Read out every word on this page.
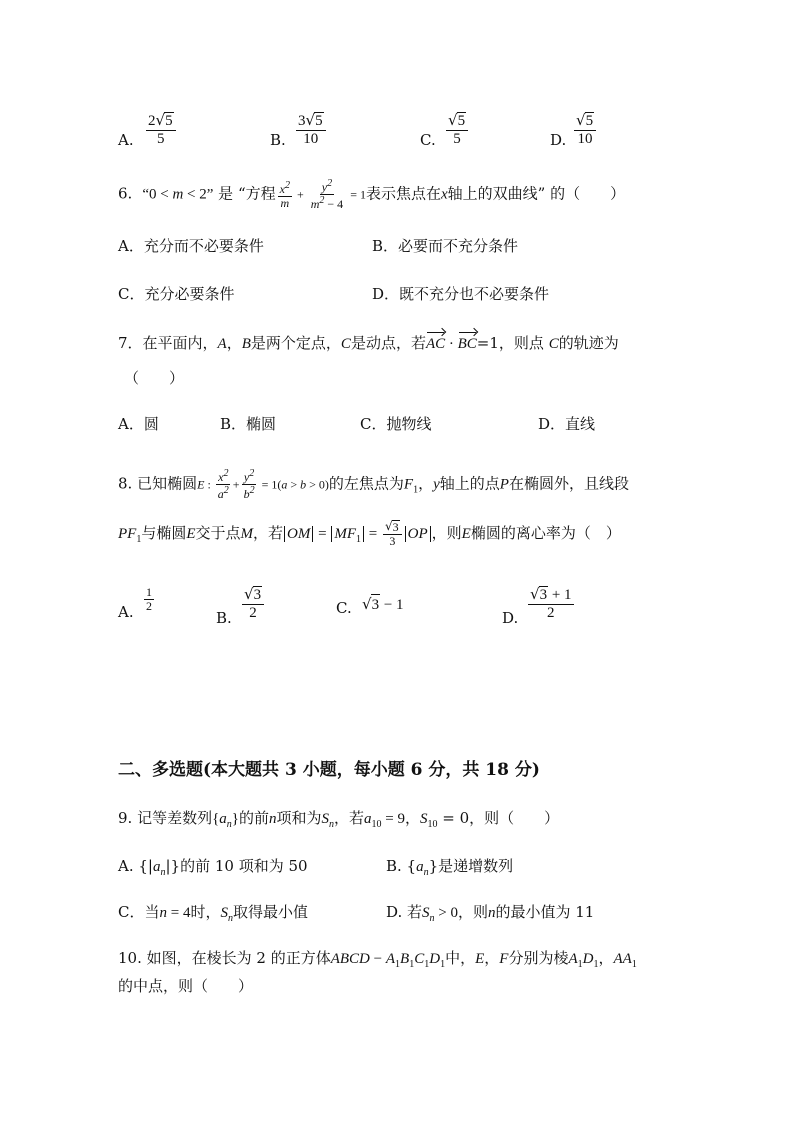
A. $\frac{2 √ 5}{5}$	B. $\frac{3 √ 5}{10}$	C. $\frac{√ 5}{5}$	D. $\frac{√ 5}{10}$
6. “0 < m < 2” 是 “方程 $\frac{x^2}{m} + \frac{y^2}{m^2 - 4} = 1$表示焦点在x轴上的双曲线” 的（　　）
A．充分而不必要条件	B．必要而不充分条件
C．充分必要条件	D．既不充分也不必要条件
7．在平面内，A，B是两个定点，C是动点，若AC · BC=1，则点 C的轨迹为
（　　）
A．圆	B．椭圆	C．抛物线	D．直线
8. 已知椭圆E : $\frac{x^2}{a^2} + \frac{y^2}{b^2} = 1(a > b > 0)$的左焦点为$F_1$，y轴上的点P在椭圆外，且线段
$PF_1$与椭圆E交于点M，若 OM = $MF_1 = \frac{√ 3}{3}$ OP ，则E椭圆的离心率为（　）
A. $\frac{1}{2}$
B. $\frac{√ 3}{2}$	C. √ 3 − 1
D. $\frac{√ 3 + 1}{2}$
二、多选题(本大题共 3 小题，每小题 6 分，共 18 分)
9. 记等差数列$\{a_n\}$的前n项和为$S_n$，若$a_{10} = 9$，$S_{10} = 0$，则（　　）
A. $\{|a_n|\}$的前 10 项和为 50	B. $\{a_n\}$是递增数列
C．当n = 4时，$S_n$取得最小值	D. 若$S_n > 0$，则n的最小值为 11
10. 如图，在棱长为 2 的正方体ABCD − $A_1B_1C_1D_1$中，E，F分别为棱$A_1D_1$，$AA_1$
的中点，则（　　）
